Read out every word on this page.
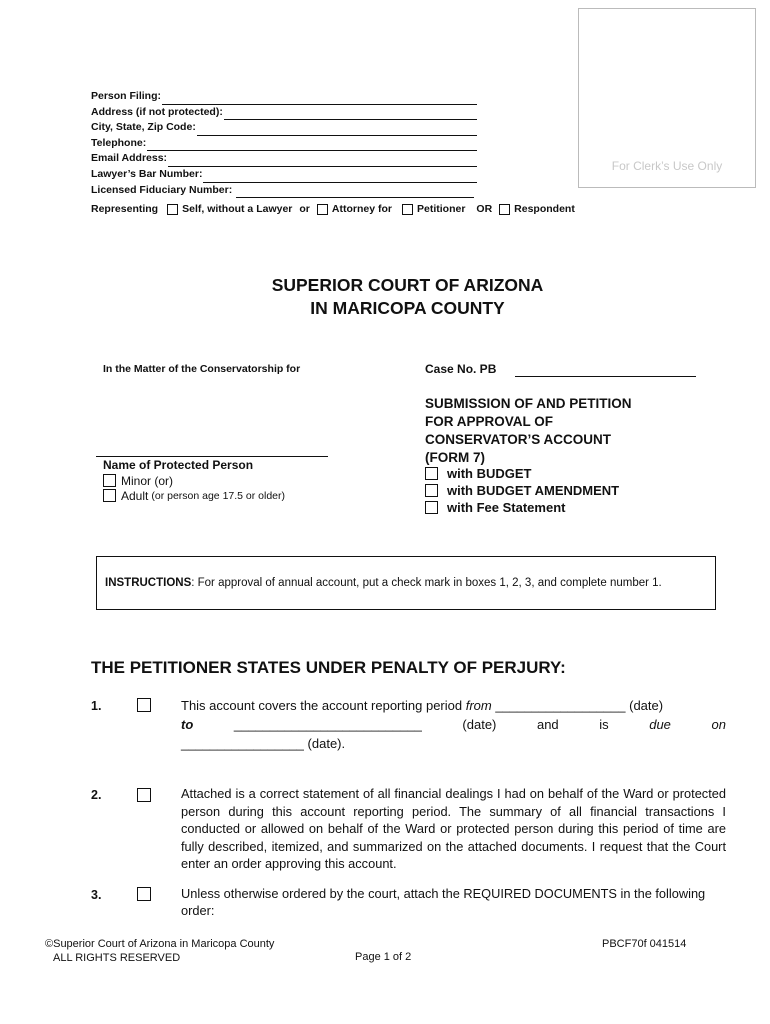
For Clerk’s Use Only
Person Filing:
Address (if not protected):
City, State, Zip Code:
Telephone:
Email Address:
Lawyer’s Bar Number:
Licensed Fiduciary Number:
Representing Self, without a Lawyer or Attorney for Petitioner OR Respondent
SUPERIOR COURT OF ARIZONA
IN MARICOPA COUNTY
In the Matter of the Conservatorship for	Case No. PB
Name of Protected Person
Minor (or)
Adult (or person age 17.5 or older)
SUBMISSION OF AND PETITION
FOR APPROVAL OF
CONSERVATOR’S ACCOUNT
(FORM 7)
with BUDGET
with BUDGET AMENDMENT
with Fee Statement
INSTRUCTIONS: For approval of annual account, put a check mark in boxes 1, 2, 3, and complete number 1.
THE PETITIONER STATES UNDER PENALTY OF PERJURY:
1.	This account covers the account reporting period from __________________ (date)
to	__________________________	(date)	and	is	due	on
_________________ (date).
2.	Attached is a correct statement of all financial dealings I had on behalf of the Ward or protected person during this account reporting period. The summary of all financial transactions I conducted or allowed on behalf of the Ward or protected person during this period of time are fully described, itemized, and summarized on the attached documents. I request that the Court enter an order approving this account.
3.	Unless otherwise ordered by the court, attach the REQUIRED DOCUMENTS in the following order:
©Superior Court of Arizona in Maricopa County
ALL RIGHTS RESERVED	Page 1 of 2
PBCF70f 041514
